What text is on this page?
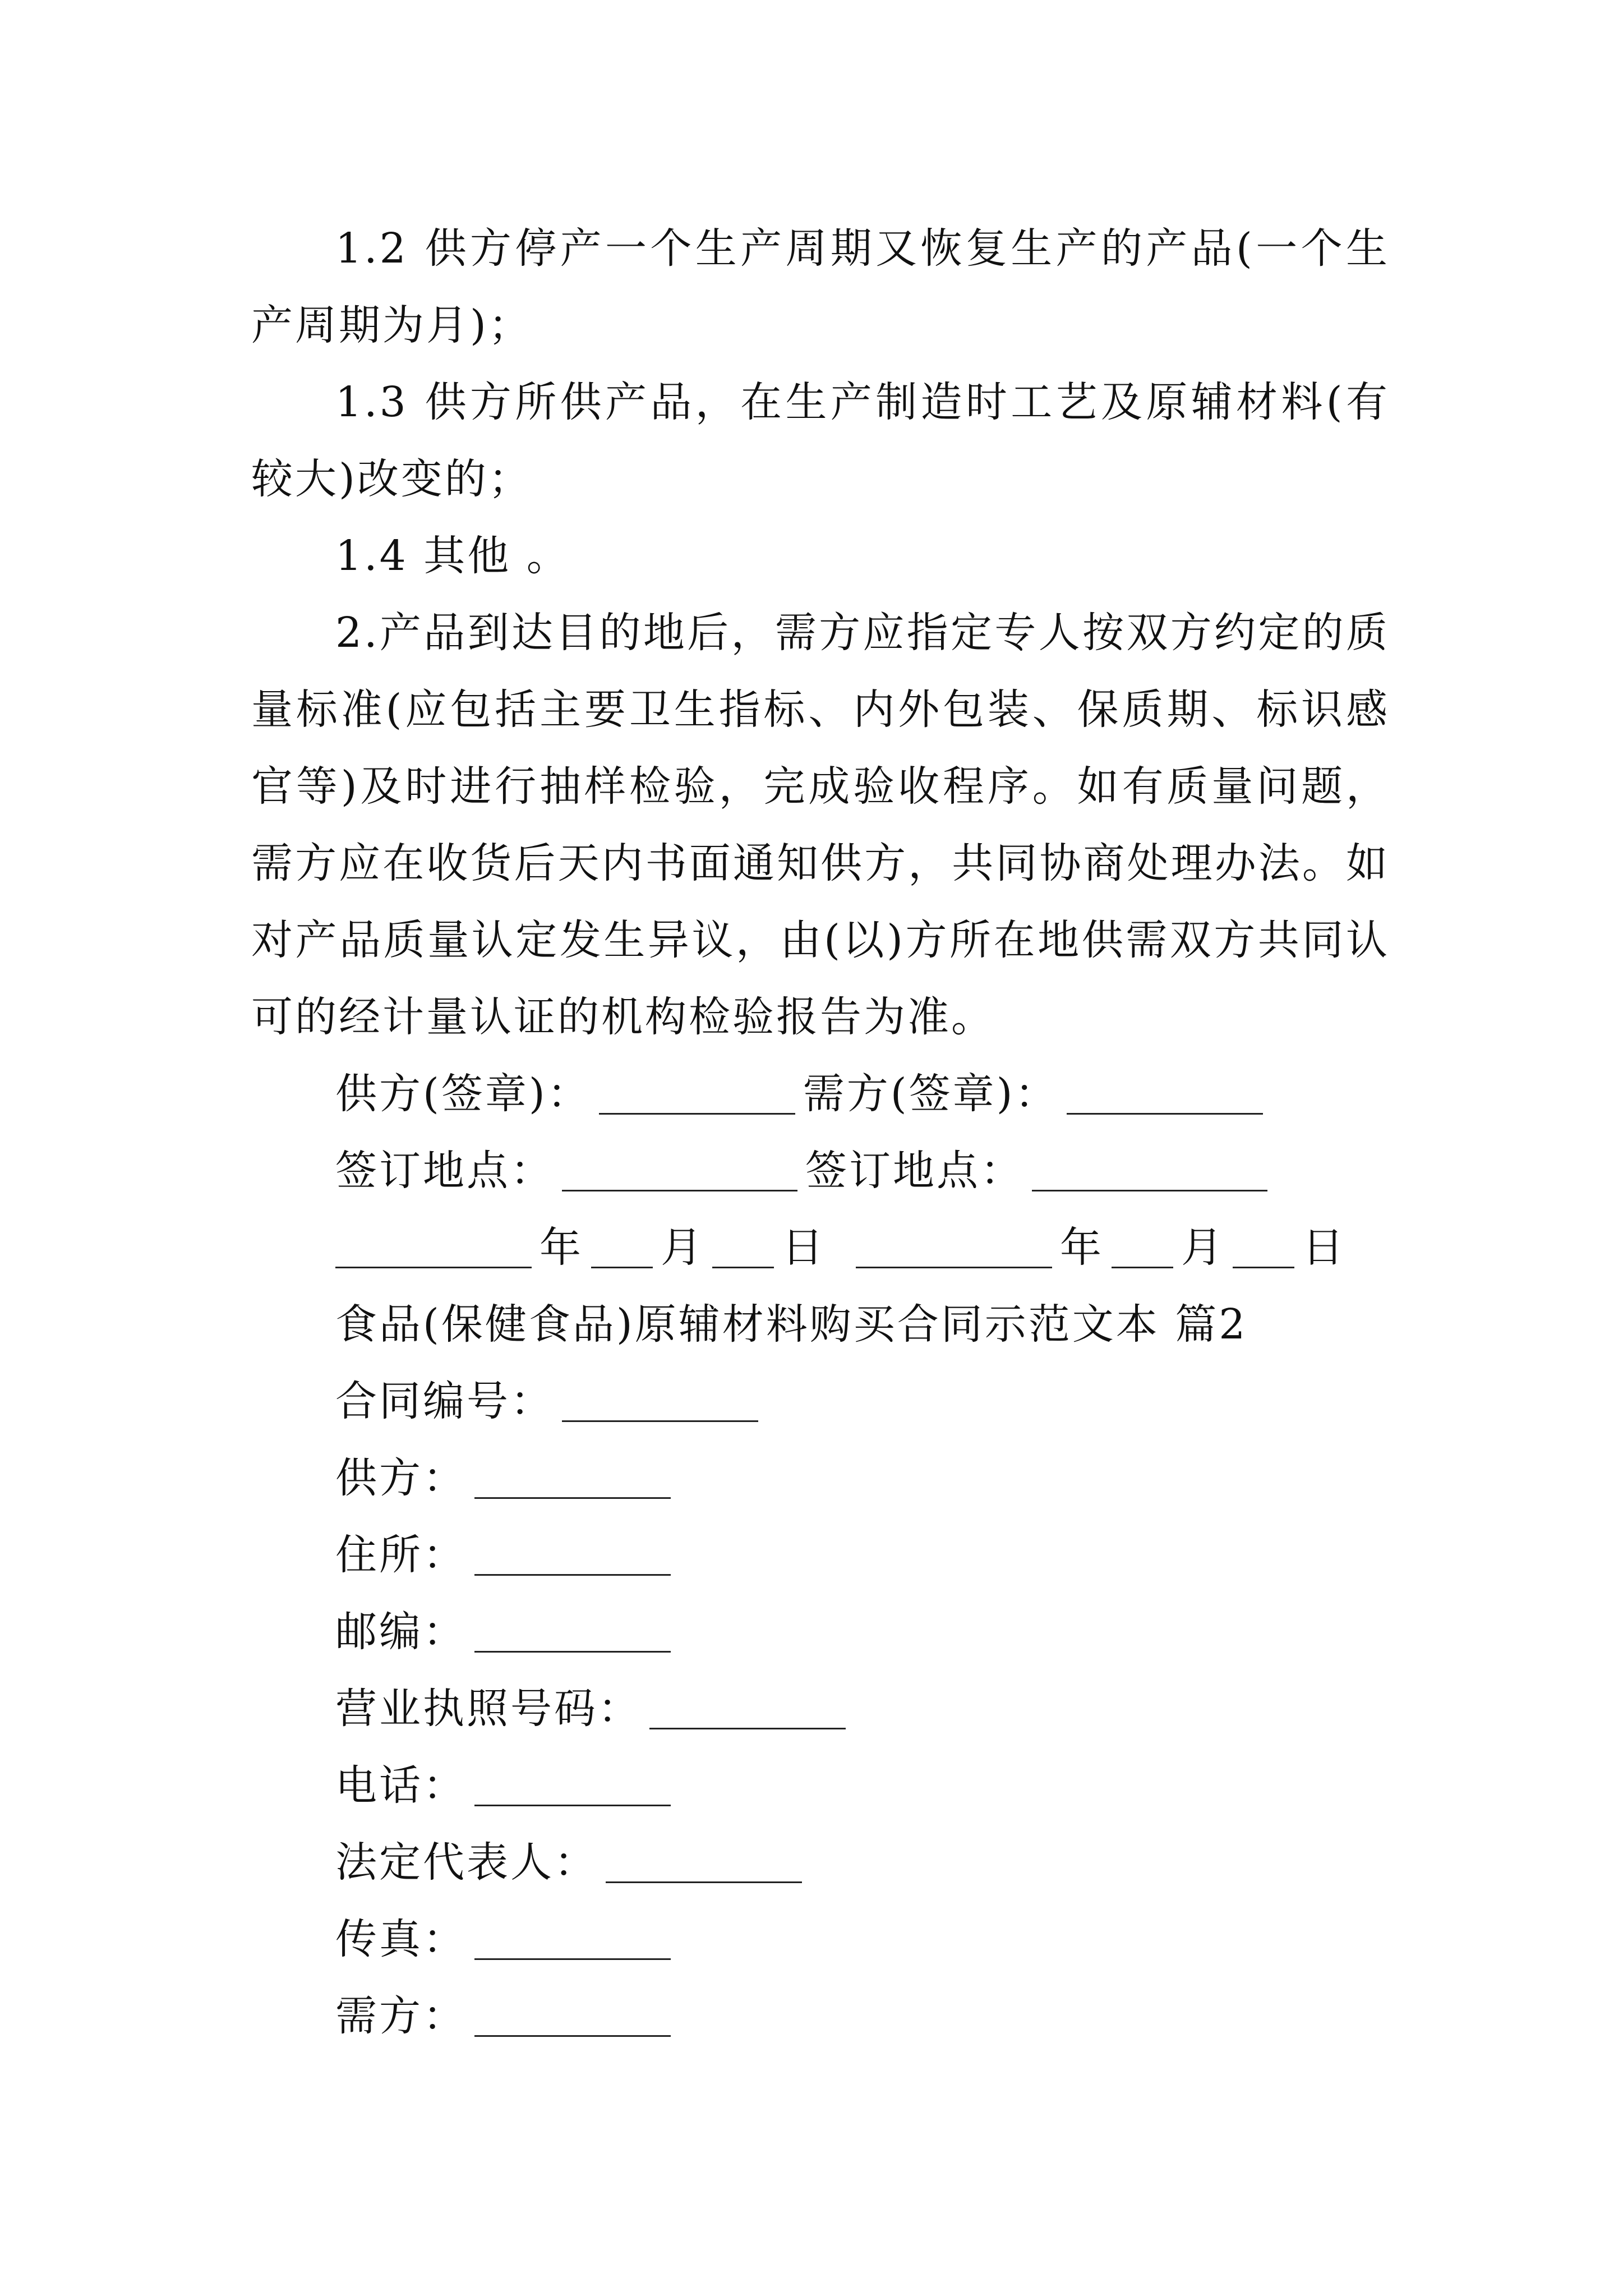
1.2 供方停产一个生产周期又恢复生产的产品(一个生产周期为月)；

1.3 供方所供产品，在生产制造时工艺及原辅材料(有较大)改变的；

1.4 其他 。

2.产品到达目的地后，需方应指定专人按双方约定的质量标准(应包括主要卫生指标、内外包装、保质期、标识感官等)及时进行抽样检验，完成验收程序。如有质量问题，需方应在收货后天内书面通知供方，共同协商处理办法。如对产品质量认定发生异议，由(以)方所在地供需双方共同认可的经计量认证的机构检验报告为准。

供方(签章)：	需方(签章)：
签订地点：	签订地点：
年 月 日	年 月 日
食品(保健食品)原辅材料购买合同示范文本 篇2
合同编号：
供方：
住所：
邮编：
营业执照号码：
电话：
法定代表人：
传真：
需方：
